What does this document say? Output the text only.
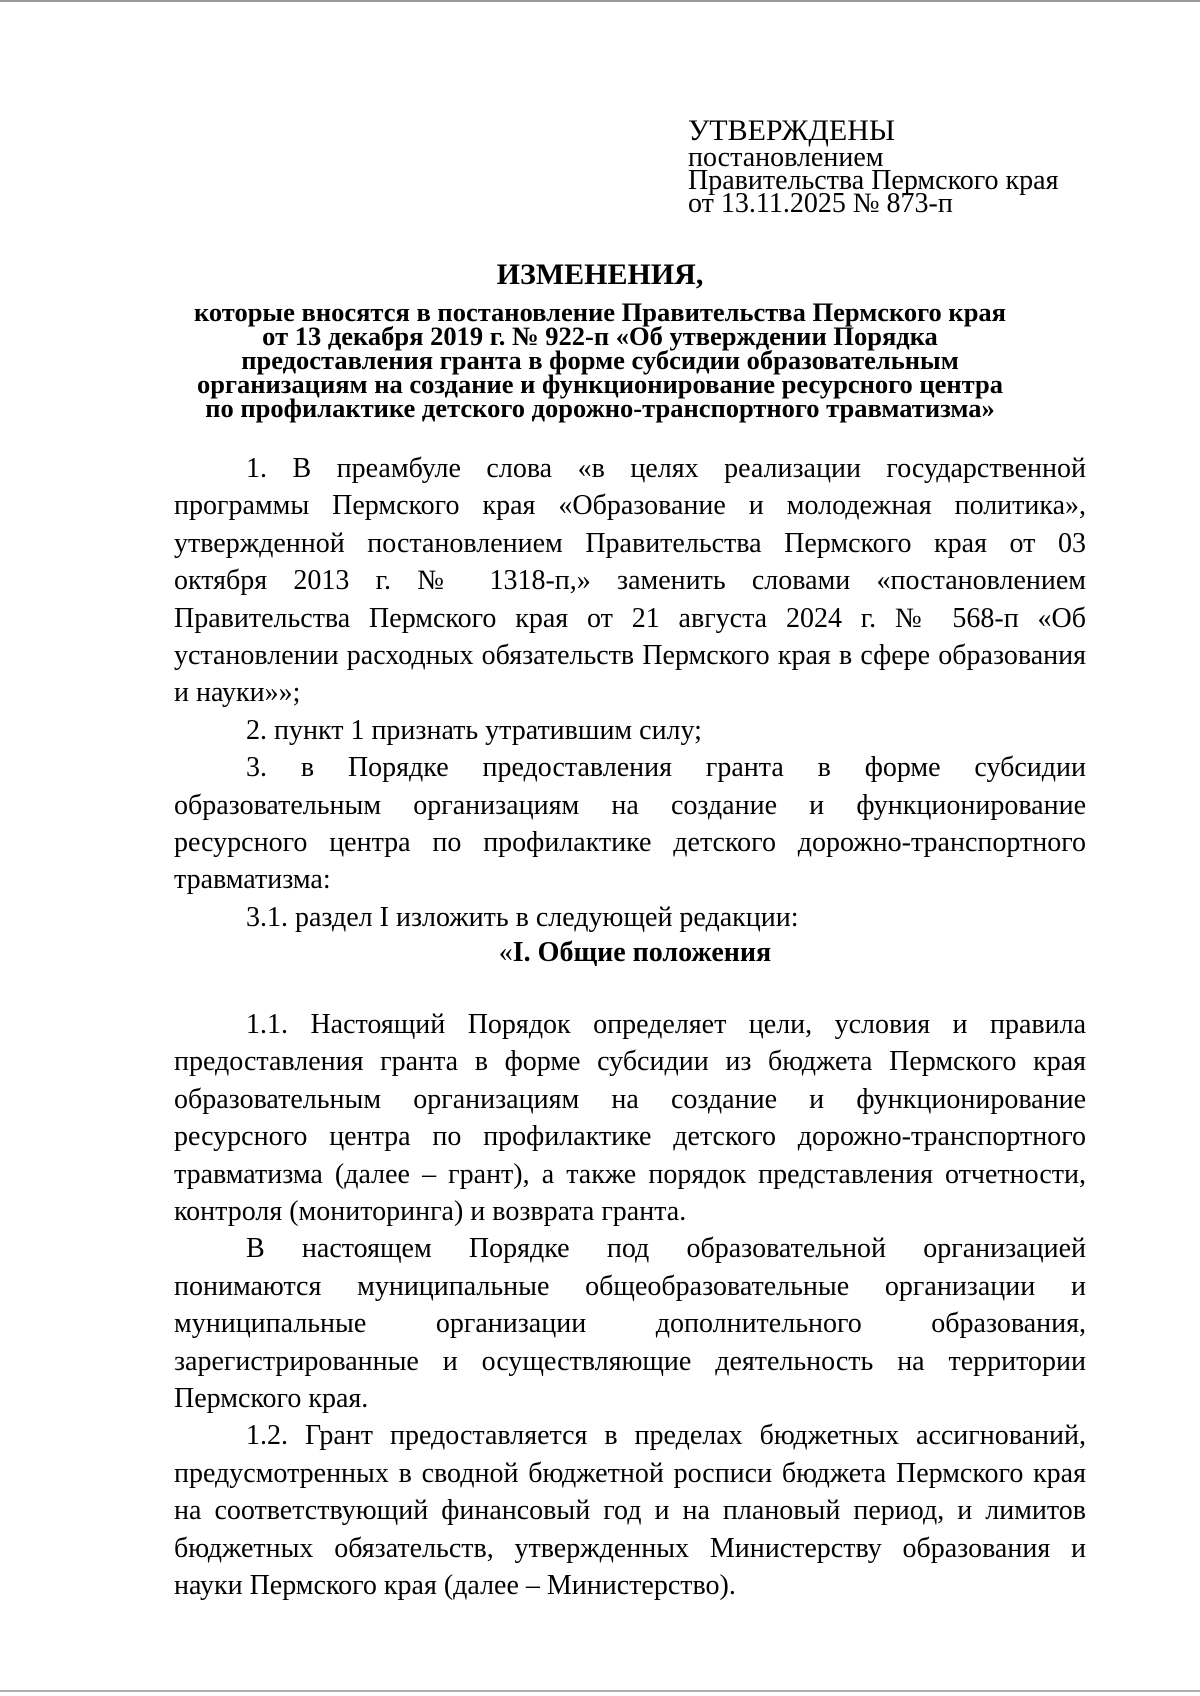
УТВЕРЖДЕНЫ
постановлением
Правительства Пермского края
от 13.11.2025 № 873-п
ИЗМЕНЕНИЯ,
которые вносятся в постановление Правительства Пермского края
от 13 декабря 2019 г. № 922-п «Об утверждении Порядка
предоставления гранта в форме субсидии образовательным
организациям на создание и функционирование ресурсного центра
по профилактике детского дорожно-транспортного травматизма»

1. В преамбуле слова «в целях реализации государственной программы Пермского края «Образование и молодежная политика», утвержденной постановлением Правительства Пермского края от 03 октября 2013 г. № 1318-п,» заменить словами «постановлением Правительства Пермского края от 21 августа 2024 г. № 568-п «Об установлении расходных обязательств Пермского края в сфере образования и науки»»;

2. пункт 1 признать утратившим силу;

3. в Порядке предоставления гранта в форме субсидии образовательным организациям на создание и функционирование ресурсного центра по профилактике детского дорожно-транспортного травматизма:

3.1. раздел I изложить в следующей редакции:

«I. Общие положения

1.1. Настоящий Порядок определяет цели, условия и правила предоставления гранта в форме субсидии из бюджета Пермского края образовательным организациям на создание и функционирование ресурсного центра по профилактике детского дорожно-транспортного травматизма (далее – грант), а также порядок представления отчетности, контроля (мониторинга) и возврата гранта.

В настоящем Порядке под образовательной организацией понимаются муниципальные общеобразовательные организации и муниципальные организации дополнительного образования, зарегистрированные и осуществляющие деятельность на территории Пермского края.

1.2. Грант предоставляется в пределах бюджетных ассигнований, предусмотренных в сводной бюджетной росписи бюджета Пермского края на соответствующий финансовый год и на плановый период, и лимитов бюджетных обязательств, утвержденных Министерству образования и науки Пермского края (далее – Министерство).
